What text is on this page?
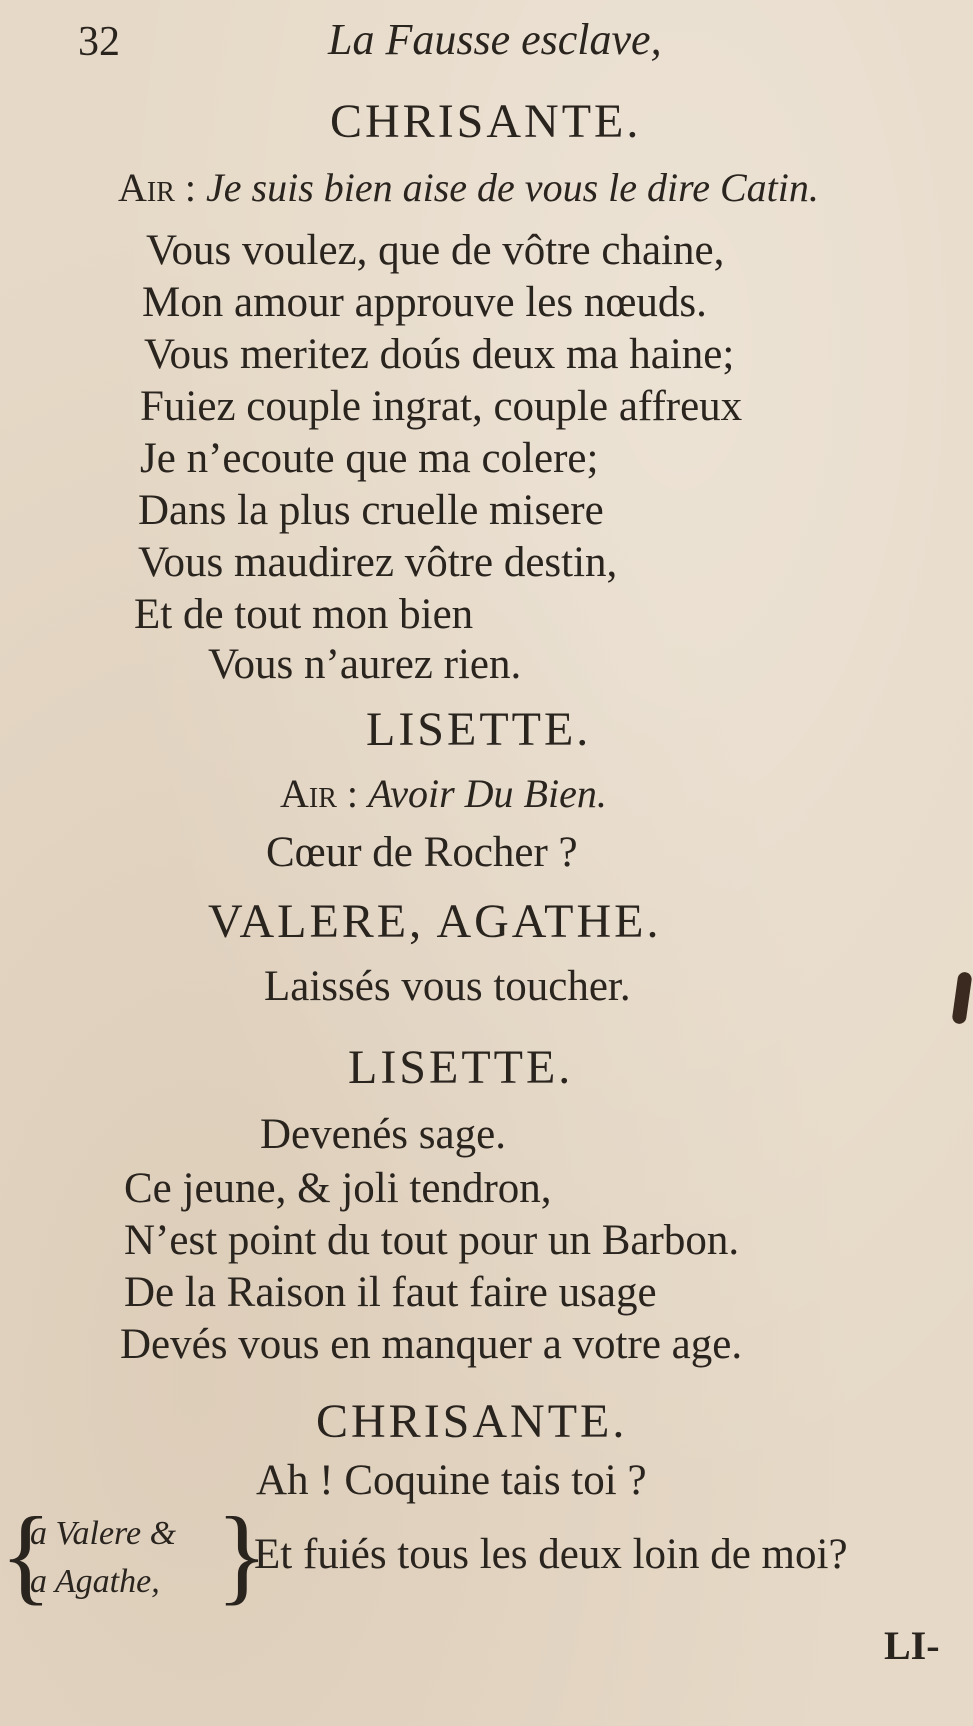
32	La Fausse esclave,
CHRISANTE.
Air : Je suis bien aise de vous le dire Catin.
Vous voulez, que de vôtre chaine,
Mon amour approuve les nœuds.
Vous meritez doús deux ma haine;
Fuiez couple ingrat, couple affreux
Je n’ecoute que ma colere;
Dans la plus cruelle misere
Vous maudirez vôtre destin,
Et de tout mon bien
Vous n’aurez rien.
LISETTE.
Air : Avoir Du Bien.
Cœur de Rocher ?
VALERE, AGATHE.
Laissés vous toucher.
LISETTE.
Devenés sage.
Ce jeune, & joli tendron,
N’est point du tout pour un Barbon.
De la Raison il faut faire usage
Devés vous en manquer a votre age.
CHRISANTE.
Ah ! Coquine tais toi ?
{
a Valere &
a Agathe, }
Et fuiés tous les deux loin de moi?
LI-
